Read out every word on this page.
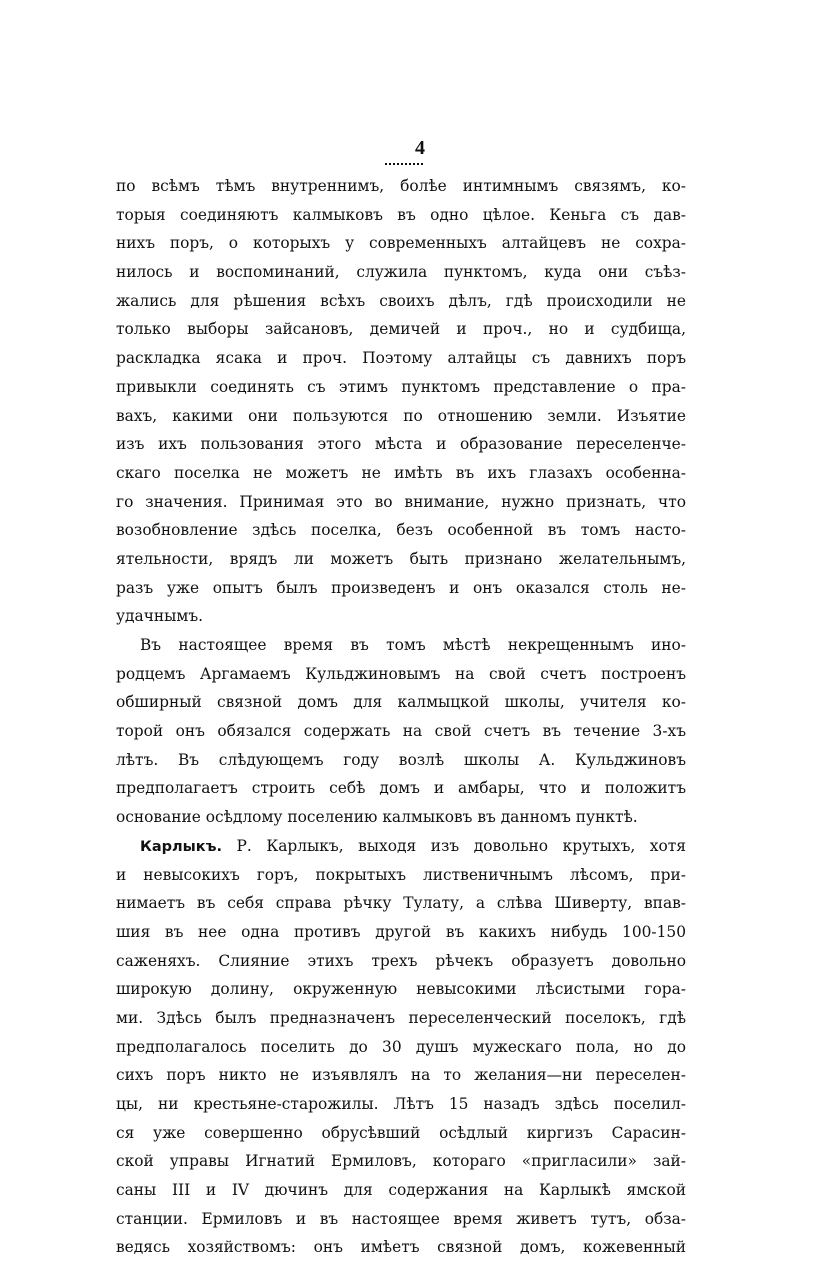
4
по всѣмъ тѣмъ внутреннимъ, болѣе интимнымъ связямъ, ко-
торыя соединяютъ калмыковъ въ одно цѣлое. Кеньга съ дав-
нихъ поръ, о которыхъ у современныхъ алтайцевъ не сохра-
нилось и воспоминаний, служила пунктомъ, куда они съѣз-
жались для рѣшения всѣхъ своихъ дѣлъ, гдѣ происходили не
только выборы зайсановъ, демичей и проч., но и судбища,
раскладка ясака и проч. Поэтому алтайцы съ давнихъ поръ
привыкли соединять съ этимъ пунктомъ представление о пра-
вахъ, какими они пользуются по отношению земли. Изъятие
изъ ихъ пользования этого мѣста и образование переселенче-
скаго поселка не можетъ не имѣть въ ихъ глазахъ особенна-
го значения. Принимая это во внимание, нужно признать, что
возобновление здѣсь поселка, безъ особенной въ томъ насто-
ятельности, врядъ ли можетъ быть признано желательнымъ,
разъ уже опытъ былъ произведенъ и онъ оказался столь не-
удачнымъ.
Въ настоящее время въ томъ мѣстѣ некрещеннымъ ино-
родцемъ Аргамаемъ Кульджиновымъ на свой счетъ построенъ
обширный связной домъ для калмыцкой школы, учителя ко-
торой онъ обязался содержать на свой счетъ въ течение 3-хъ
лѣтъ. Въ слѣдующемъ году возлѣ школы А. Кульджиновъ
предполагаетъ строить себѣ домъ и амбары, что и положитъ
основание осѣдлому поселению калмыковъ въ данномъ пунктѣ.
Карлыкъ. Р. Карлыкъ, выходя изъ довольно крутыхъ, хотя
и невысокихъ горъ, покрытыхъ лиственичнымъ лѣсомъ, при-
нимаетъ въ себя справа рѣчку Тулату, а слѣва Шиверту, впав-
шия въ нее одна противъ другой въ какихъ нибудь 100-150
саженяхъ. Слияние этихъ трехъ рѣчекъ образуетъ довольно
широкую долину, окруженную невысокими лѣсистыми гора-
ми. Здѣсь былъ предназначенъ переселенческий поселокъ, гдѣ
предполагалось поселить до 30 душъ мужескаго пола, но до
сихъ поръ никто не изъявлялъ на то желания—ни переселен-
цы, ни крестьяне-старожилы. Лѣтъ 15 назадъ здѣсь поселил-
ся уже совершенно обрусѣвший осѣдлый киргизъ Сарасин-
ской управы Игнатий Ермиловъ, которагo «пригласили» зай-
саны III и IV дючинъ для содержания на Карлыкѣ ямской
станции. Ермиловъ и въ настоящее время живетъ тутъ, обза-
ведясь хозяйствомъ: онъ имѣетъ связной домъ, кожевенный
